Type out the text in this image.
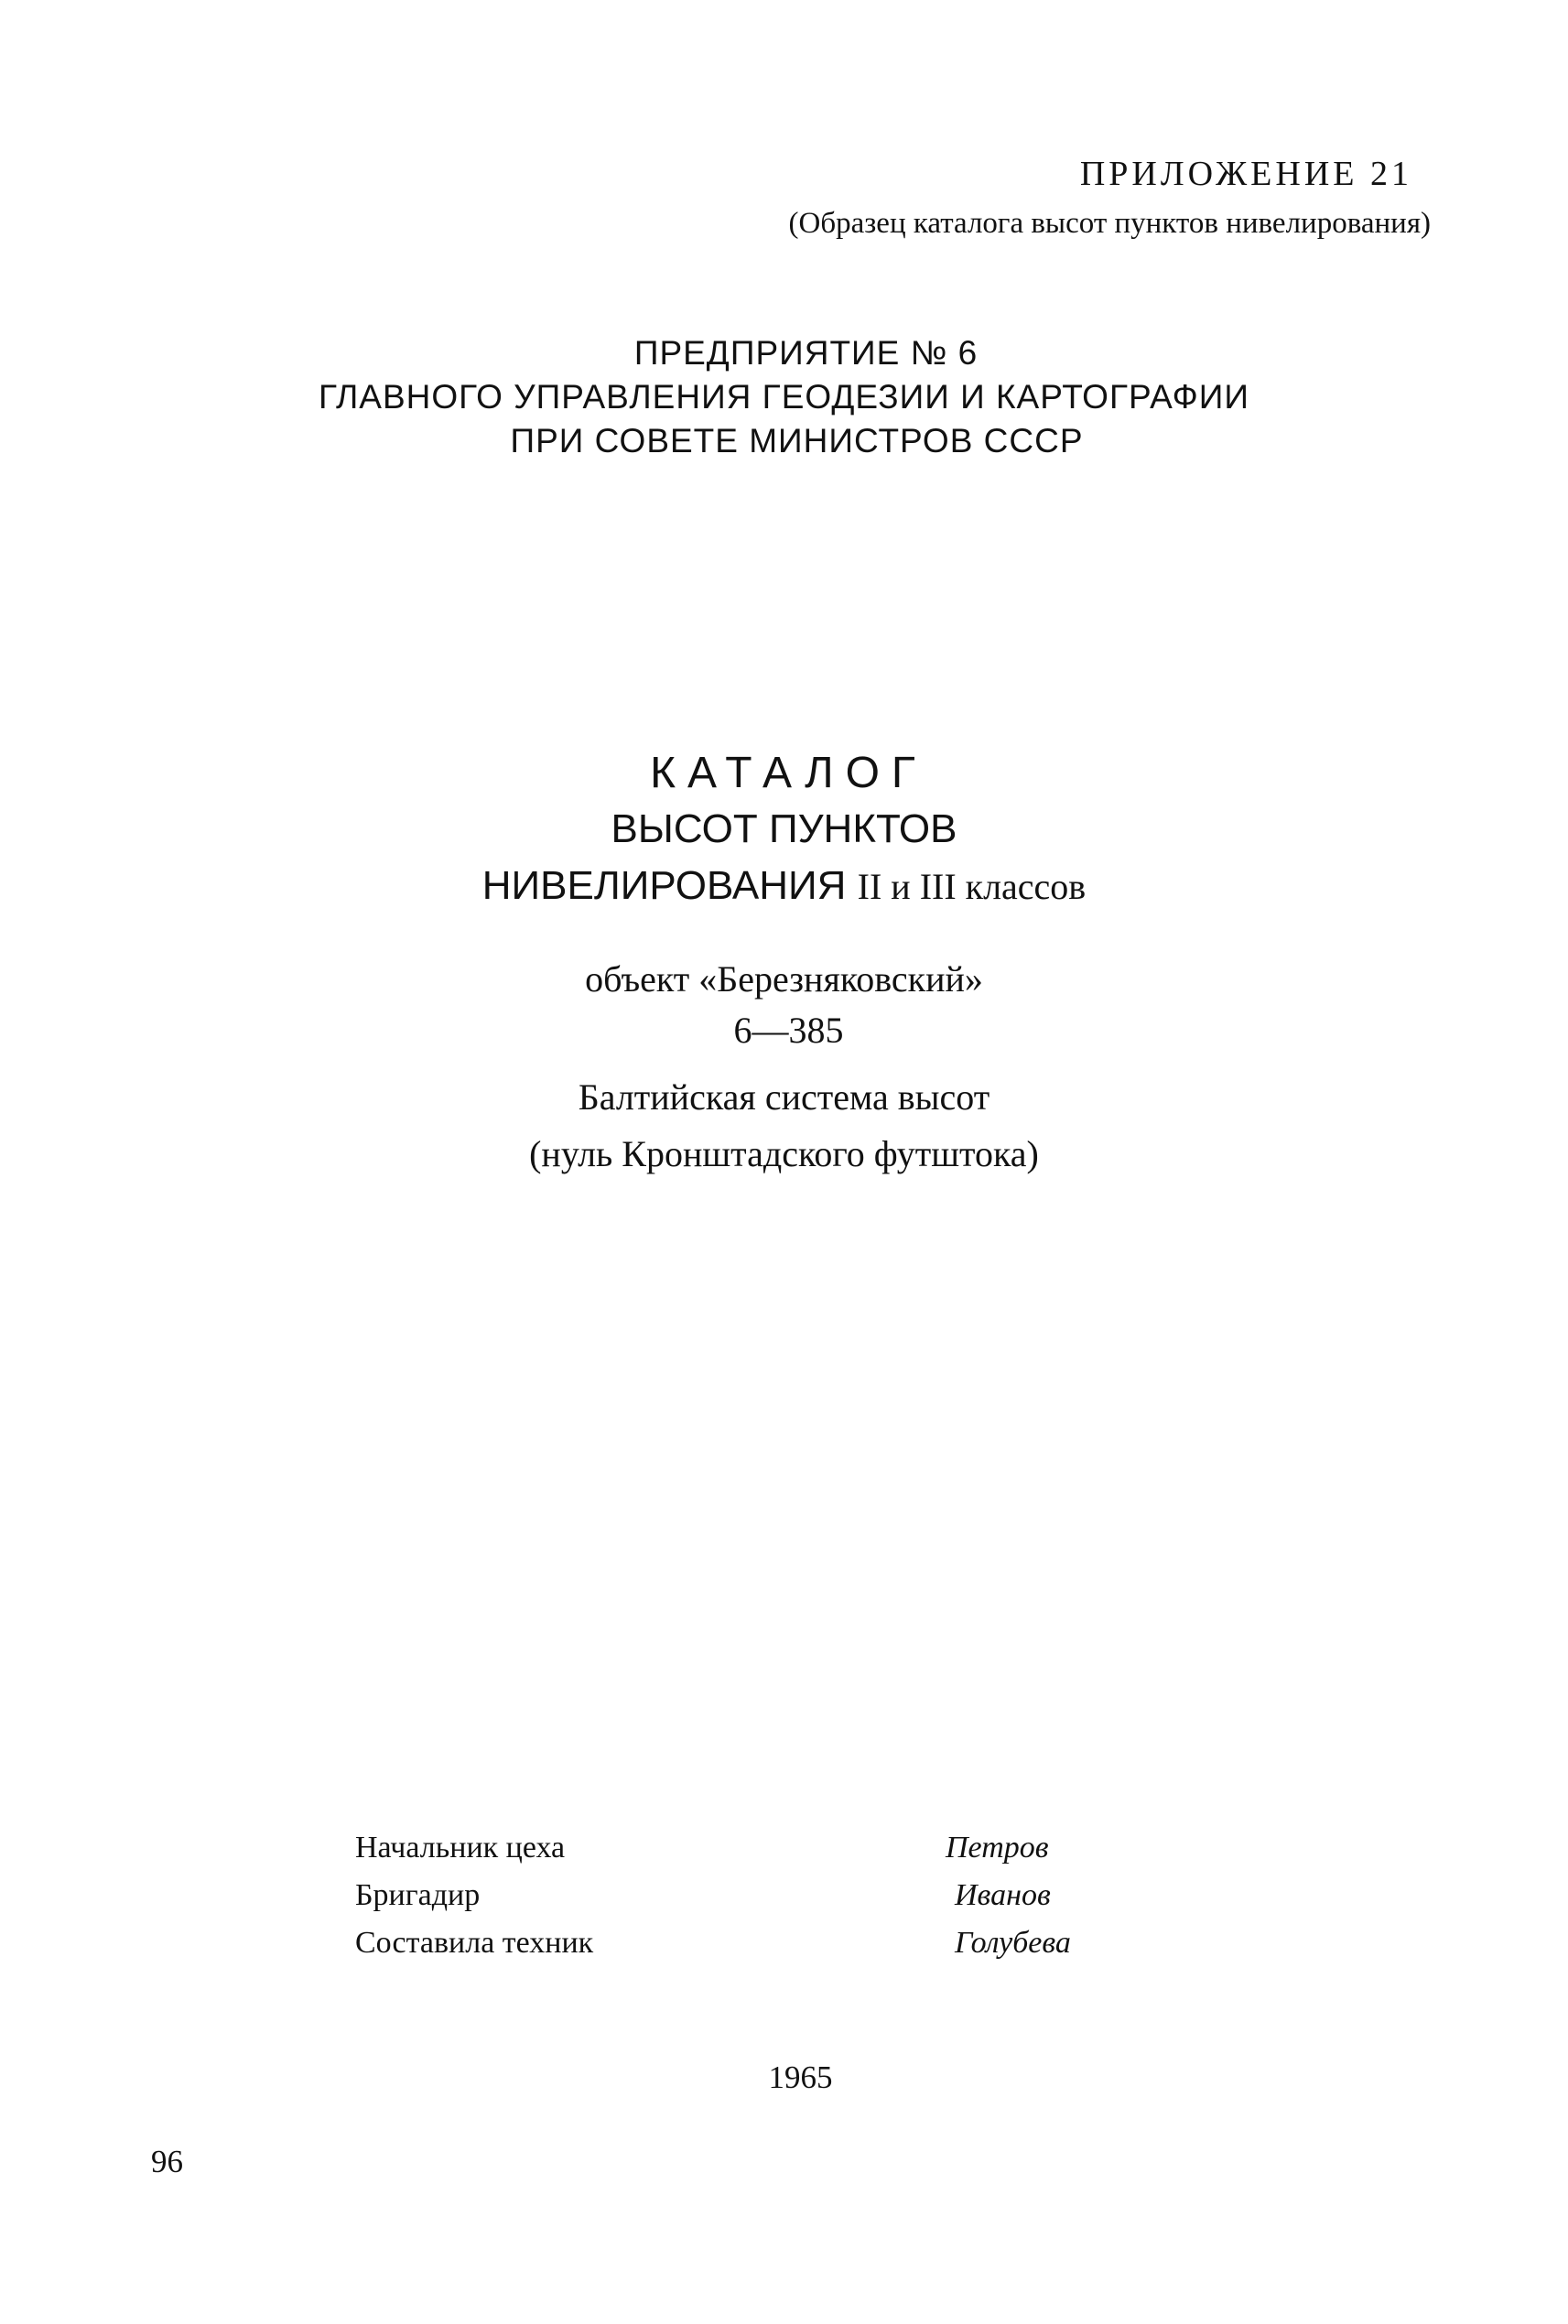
ПРИЛОЖЕНИЕ 21
(Образец каталога высот пунктов нивелирования)
ПРЕДПРИЯТИЕ № 6
ГЛАВНОГО УПРАВЛЕНИЯ ГЕОДЕЗИИ И КАРТОГРАФИИ
ПРИ СОВЕТЕ МИНИСТРОВ СССР
КАТАЛОГ
ВЫСОТ ПУНКТОВ
НИВЕЛИРОВАНИЯ II и III классов
объект «Березняковский»
6—385
Балтийская система высот
(нуль Кронштадского футштока)
Начальник цеха	Петров
Бригадир	Иванов
Составила техник	Голубева
1965
96
